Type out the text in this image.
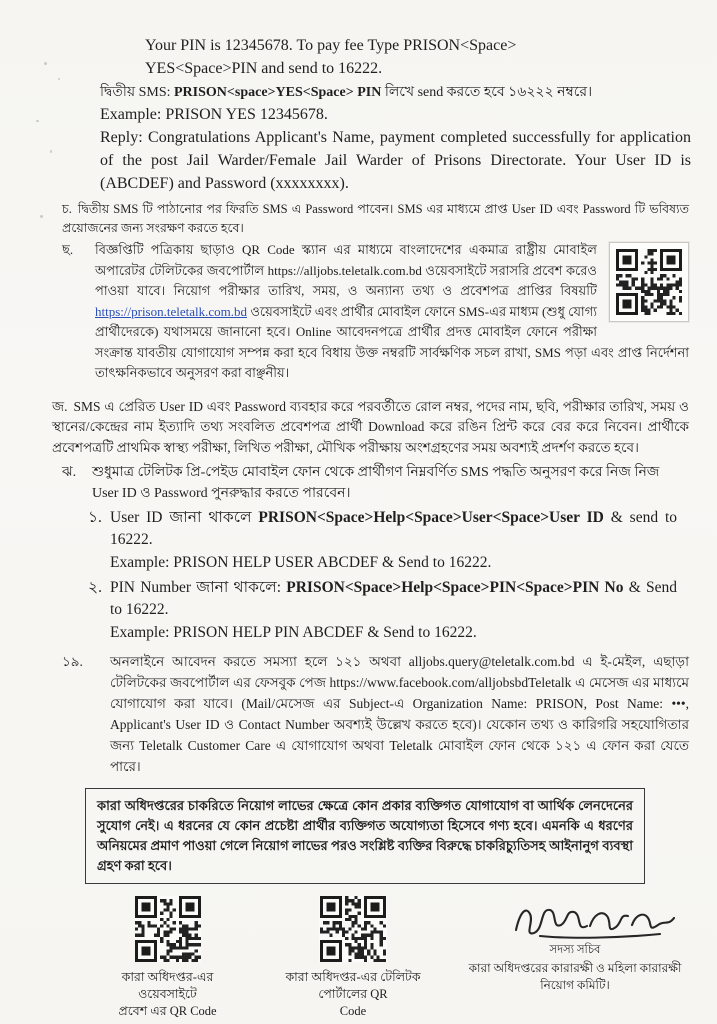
Your PIN is 12345678. To pay fee Type PRISON<Space>
YES<Space>PIN and send to 16222.
দ্বিতীয় SMS: PRISON<space>YES<Space> PIN লিখে send করতে হবে ১৬২২২ নম্বরে।
Example: PRISON YES 12345678.
Reply: Congratulations Applicant's Name, payment completed successfully for application of the post Jail Warder/Female Jail Warder of Prisons Directorate. Your User ID is (ABCDEF) and Password (xxxxxxxx).
চ. দ্বিতীয় SMS টি পাঠানোর পর ফিরতি SMS এ Password পাবেন। SMS এর মাধ্যমে প্রাপ্ত User ID এবং Password টি ভবিষ্যত প্রয়োজনের জন্য সংরক্ষণ করতে হবে।
ছ. বিজ্ঞপ্তিটি পত্রিকায় ছাড়াও QR Code স্ক্যান এর মাধ্যমে বাংলাদেশের একমাত্র রাষ্ট্রীয় মোবাইল অপারেটর টেলিটকের জবপোর্টাল https://alljobs.teletalk.com.bd ওয়েবসাইটে সরাসরি প্রবেশ করেও পাওয়া যাবে। নিয়োগ পরীক্ষার তারিখ, সময়, ও অন্যান্য তথ্য ও প্রবেশপত্র প্রাপ্তির বিষয়টি https://prison.teletalk.com.bd ওয়েবসাইটে এবং প্রার্থীর মোবাইল ফোনে SMS-এর মাধ্যম (শুধু যোগ্য প্রার্থীদেরকে) যথাসময়ে জানানো হবে। Online আবেদনপত্রে প্রার্থীর প্রদত্ত মোবাইল ফোনে পরীক্ষা সংক্রান্ত যাবতীয় যোগাযোগ সম্পন্ন করা হবে বিধায় উক্ত নম্বরটি সার্বক্ষণিক সচল রাখা, SMS পড়া এবং প্রাপ্ত নির্দেশনা তাৎক্ষনিকভাবে অনুসরণ করা বাঞ্ছনীয়।
জ. SMS এ প্রেরিত User ID এবং Password ব্যবহার করে পরবর্তীতে রোল নম্বর, পদের নাম, ছবি, পরীক্ষার তারিখ, সময় ও স্থানের/কেন্দ্রের নাম ইত্যাদি তথ্য সংবলিত প্রবেশপত্র প্রার্থী Download করে রঙিন প্রিন্ট করে বের করে নিবেন। প্রার্থীকে প্রবেশপত্রটি প্রাথমিক স্বাস্থ্য পরীক্ষা, লিখিত পরীক্ষা, মৌখিক পরীক্ষায় অংশগ্রহণের সময় অবশ্যই প্রদর্শণ করতে হবে।
ঝ. শুধুমাত্র টেলিটক প্রি-পেইড মোবাইল ফোন থেকে প্রার্থীগণ নিম্নবর্ণিত SMS পদ্ধতি অনুসরণ করে নিজ নিজ User ID ও Password পুনরুদ্ধার করতে পারবেন।
১. User ID জানা থাকলে PRISON<Space>Help<Space>User<Space>User ID & send to 16222.
Example: PRISON HELP USER ABCDEF & Send to 16222.
২. PIN Number জানা থাকলে: PRISON<Space>Help<Space>PIN<Space>PIN No & Send to 16222.
Example: PRISON HELP PIN ABCDEF & Send to 16222.
১৯. অনলাইনে আবেদন করতে সমস্যা হলে ১২১ অথবা alljobs.query@teletalk.com.bd এ ই-মেইল, এছাড়া টেলিটকের জবপোর্টাল এর ফেসবুক পেজ https://www.facebook.com/alljobsbdTeletalk এ মেসেজ এর মাধ্যমে যোগাযোগ করা যাবে। (Mail/মেসেজ এর Subject-এ Organization Name: PRISON, Post Name: •••, Applicant's User ID ও Contact Number অবশ্যই উল্লেখ করতে হবে)। যেকোন তথ্য ও কারিগরি সহযোগিতার জন্য Teletalk Customer Care এ যোগাযোগ অথবা Teletalk মোবাইল ফোন থেকে ১২১ এ ফোন করা যেতে পারে।
কারা অধিদপ্তরের চাকরিতে নিয়োগ লাভের ক্ষেত্রে কোন প্রকার ব্যক্তিগত যোগাযোগ বা আর্থিক লেনদেনের সুযোগ নেই। এ ধরনের যে কোন প্রচেষ্টা প্রার্থীর ব্যক্তিগত অযোগ্যতা হিসেবে গণ্য হবে। এমনকি এ ধরণের অনিয়মের প্রমাণ পাওয়া গেলে নিয়োগ লাভের পরও সংশ্লিষ্ট ব্যক্তির বিরুদ্ধে চাকরিচ্যুতিসহ আইনানুগ ব্যবস্থা গ্রহণ করা হবে।
কারা অধিদপ্তর-এর ওয়েবসাইটে
প্রবেশ এর QR Code
কারা অধিদপ্তর-এর টেলিটক পোর্টালের QR
Code
সদস্য সচিব
কারা অধিদপ্তরের কারারক্ষী ও মহিলা কারারক্ষী
নিয়োগ কমিটি।
